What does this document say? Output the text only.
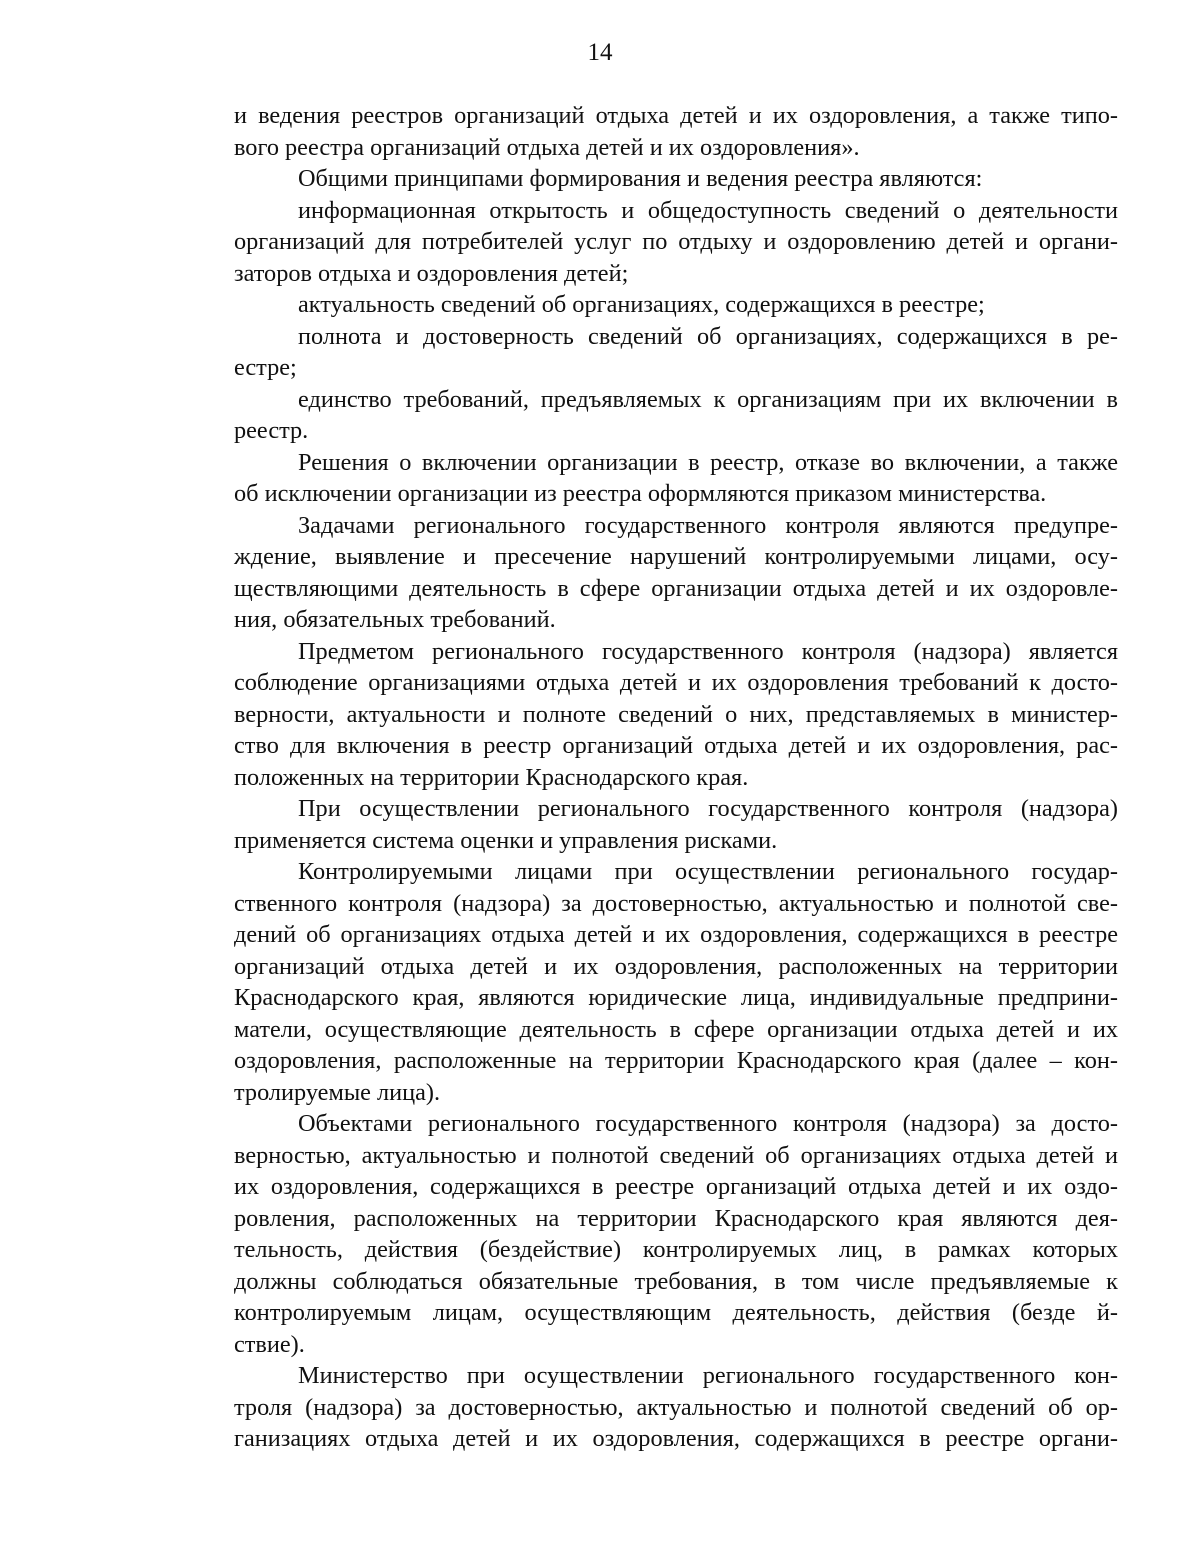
14
и ведения реестров организаций отдыха детей и их оздоровления, а также типо-
вого реестра организаций отдыха детей и их оздоровления».
Общими принципами формирования и ведения реестра являются:
информационная открытость и общедоступность сведений о деятельности
организаций для потребителей услуг по отдыху и оздоровлению детей и органи-
заторов отдыха и оздоровления детей;
актуальность сведений об организациях, содержащихся в реестре;
полнота и достоверность сведений об организациях, содержащихся в ре-
естре;
единство требований, предъявляемых к организациям при их включении в
реестр.
Решения о включении организации в реестр, отказе во включении, а также
об исключении организации из реестра оформляются приказом министерства.
Задачами регионального государственного контроля являются предупре-
ждение, выявление и пресечение нарушений контролируемыми лицами, осу-
ществляющими деятельность в сфере организации отдыха детей и их оздоровле-
ния, обязательных требований.
Предметом регионального государственного контроля (надзора) является
соблюдение организациями отдыха детей и их оздоровления требований к досто-
верности, актуальности и полноте сведений о них, представляемых в министер-
ство для включения в реестр организаций отдыха детей и их оздоровления, рас-
положенных на территории Краснодарского края.
При осуществлении регионального государственного контроля (надзора)
применяется система оценки и управления рисками.
Контролируемыми лицами при осуществлении регионального государ-
ственного контроля (надзора) за достоверностью, актуальностью и полнотой све-
дений об организациях отдыха детей и их оздоровления, содержащихся в реестре
организаций отдыха детей и их оздоровления, расположенных на территории
Краснодарского края, являются юридические лица, индивидуальные предприни-
матели, осуществляющие деятельность в сфере организации отдыха детей и их
оздоровления, расположенные на территории Краснодарского края (далее – кон-
тролируемые лица).
Объектами регионального государственного контроля (надзора) за досто-
верностью, актуальностью и полнотой сведений об организациях отдыха детей и
их оздоровления, содержащихся в реестре организаций отдыха детей и их оздо-
ровления, расположенных на территории Краснодарского края являются дея-
тельность, действия (бездействие) контролируемых лиц, в рамках которых
должны соблюдаться обязательные требования, в том числе предъявляемые к
контролируемым лицам, осуществляющим деятельность, действия (безде й-
ствие).
Министерство при осуществлении регионального государственного кон-
троля (надзора) за достоверностью, актуальностью и полнотой сведений об ор-
ганизациях отдыха детей и их оздоровления, содержащихся в реестре органи-
